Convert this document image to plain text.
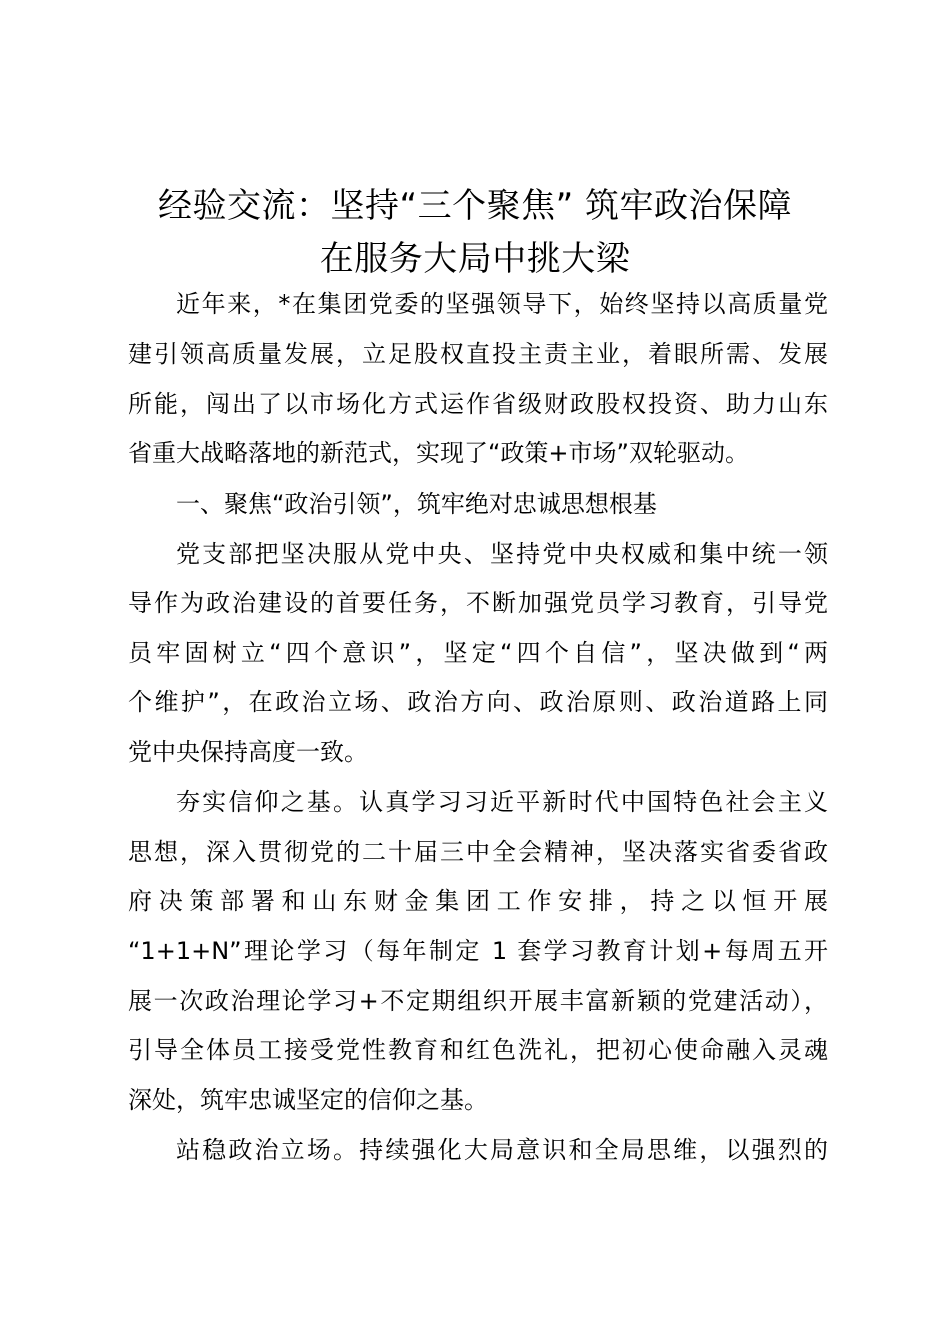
经验交流：坚持“三个聚焦” 筑牢政治保障
在服务大局中挑大梁
近年来，*在集团党委的坚强领导下，始终坚持以高质量党
建引领高质量发展，立足股权直投主责主业，着眼所需、发展
所能，闯出了以市场化方式运作省级财政股权投资、助力山东
省重大战略落地的新范式，实现了“政策+市场”双轮驱动。
一、聚焦“政治引领”，筑牢绝对忠诚思想根基
党支部把坚决服从党中央、坚持党中央权威和集中统一领
导作为政治建设的首要任务，不断加强党员学习教育，引导党
员牢固树立“四个意识”，坚定“四个自信”，坚决做到“两
个维护”，在政治立场、政治方向、政治原则、政治道路上同
党中央保持高度一致。
夯实信仰之基。认真学习习近平新时代中国特色社会主义
思想，深入贯彻党的二十届三中全会精神，坚决落实省委省政
府决策部署和山东财金集团工作安排，持之以恒开展
“1+1+N”理论学习（每年制定 1 套学习教育计划+每周五开
展一次政治理论学习+不定期组织开展丰富新颖的党建活动），
引导全体员工接受党性教育和红色洗礼，把初心使命融入灵魂
深处，筑牢忠诚坚定的信仰之基。
站稳政治立场。持续强化大局意识和全局思维，以强烈的
